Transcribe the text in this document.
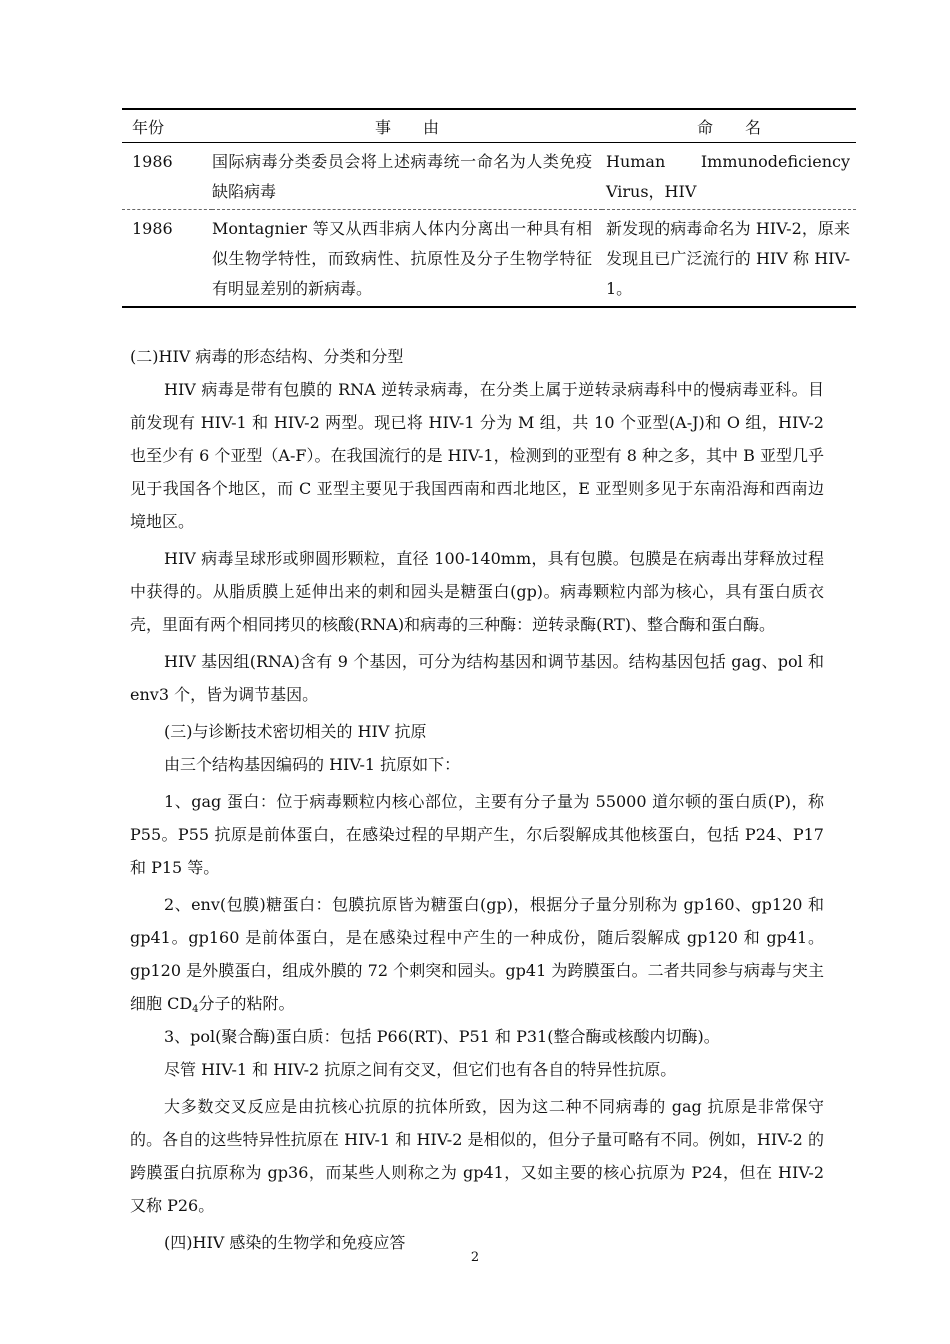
年份	事　　由	命　　名
1986	国际病毒分类委员会将上述病毒统一命名为人类免疫缺陷病毒	Human Immunodeficiency Virus，HIV
1986	Montagnier 等又从西非病人体内分离出一种具有相似生物学特性，而致病性、抗原性及分子生物学特征有明显差别的新病毒。	新发现的病毒命名为 HIV-2，原来发现且已广泛流行的 HIV 称 HIV-1。

(二)HIV 病毒的形态结构、分类和分型

HIV 病毒是带有包膜的 RNA 逆转录病毒，在分类上属于逆转录病毒科中的慢病毒亚科。目前发现有 HIV-1 和 HIV-2 两型。现已将 HIV-1 分为 M 组，共 10 个亚型(A-J)和 O 组，HIV-2 也至少有 6 个亚型（A-F）。在我国流行的是 HIV-1，检测到的亚型有 8 种之多，其中 B 亚型几乎见于我国各个地区，而 C 亚型主要见于我国西南和西北地区，E 亚型则多见于东南沿海和西南边境地区。

HIV 病毒呈球形或卵圆形颗粒，直径 100-140mm，具有包膜。包膜是在病毒出芽释放过程中获得的。从脂质膜上延伸出来的刺和园头是糖蛋白(gp)。病毒颗粒内部为核心，具有蛋白质衣壳，里面有两个相同拷贝的核酸(RNA)和病毒的三种酶：逆转录酶(RT)、整合酶和蛋白酶。

HIV 基因组(RNA)含有 9 个基因，可分为结构基因和调节基因。结构基因包括 gag、pol 和 env3 个，皆为调节基因。

(三)与诊断技术密切相关的 HIV 抗原

由三个结构基因编码的 HIV-1 抗原如下：

1、gag 蛋白：位于病毒颗粒内核心部位，主要有分子量为 55000 道尔顿的蛋白质(P)，称 P55。P55 抗原是前体蛋白，在感染过程的早期产生，尔后裂解成其他核蛋白，包括 P24、P17 和 P15 等。

2、env(包膜)糖蛋白：包膜抗原皆为糖蛋白(gp)，根据分子量分别称为 gp160、gp120 和 gp41。gp160 是前体蛋白，是在感染过程中产生的一种成份，随后裂解成 gp120 和 gp41。gp120 是外膜蛋白，组成外膜的 72 个刺突和园头。gp41 为跨膜蛋白。二者共同参与病毒与宊主细胞 $CD_4$分子的粘附。

3、pol(聚合酶)蛋白质：包括 P66(RT)、P51 和 P31(整合酶或核酸内切酶)。

尽管 HIV-1 和 HIV-2 抗原之间有交叉，但它们也有各自的特异性抗原。

大多数交叉反应是由抗核心抗原的抗体所致，因为这二种不同病毒的 gag 抗原是非常保守的。各自的这些特异性抗原在 HIV-1 和 HIV-2 是相似的，但分子量可略有不同。例如，HIV-2 的跨膜蛋白抗原称为 gp36，而某些人则称之为 gp41，又如主要的核心抗原为 P24，但在 HIV-2 又称 P26。

(四)HIV 感染的生物学和免疫应答

2
